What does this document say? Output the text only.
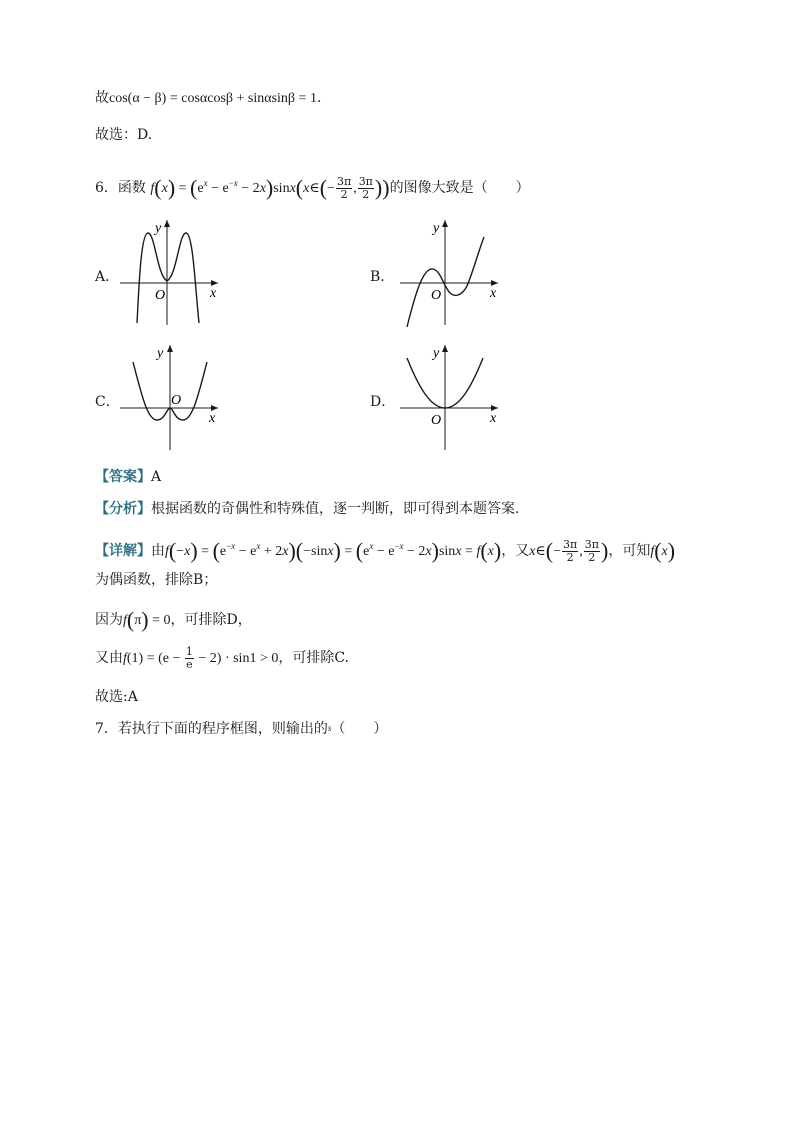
故cos(α − β) = cosαcosβ + sinαsinβ = 1.
故选：D.
6．函数 $f(x) = (e^x - e^{-x}$ − 2x)sinx(x∈(− $\frac{3\pi}{2}$ , $\frac{3\pi}{2}$ ))的图像大致是（　　）
A．
O	x
y
B．
O	x
y
C．	O
x
y
D．
O	x
y
【答案】A
【分析】根据函数的奇偶性和特殊值，逐一判断，即可得到本题答案.
【详解】由$f(-x) = (e^{-x} - e^x + 2x)(-\sin x) = (e^x - e^{-x} - 2x)\sin x = f(x)$，又x∈(− $\frac{3\pi}{2}$ , $\frac{3\pi}{2}$ )，可知f(x)
为偶函数，排除B；
因为f(π) = 0，可排除D，
又由$f(1) = (e - \frac{1}{e} - 2) \cdot \sin 1 > 0$，可排除C.
故选:A
7．若执行下面的程序框图，则输出的s（　　）
